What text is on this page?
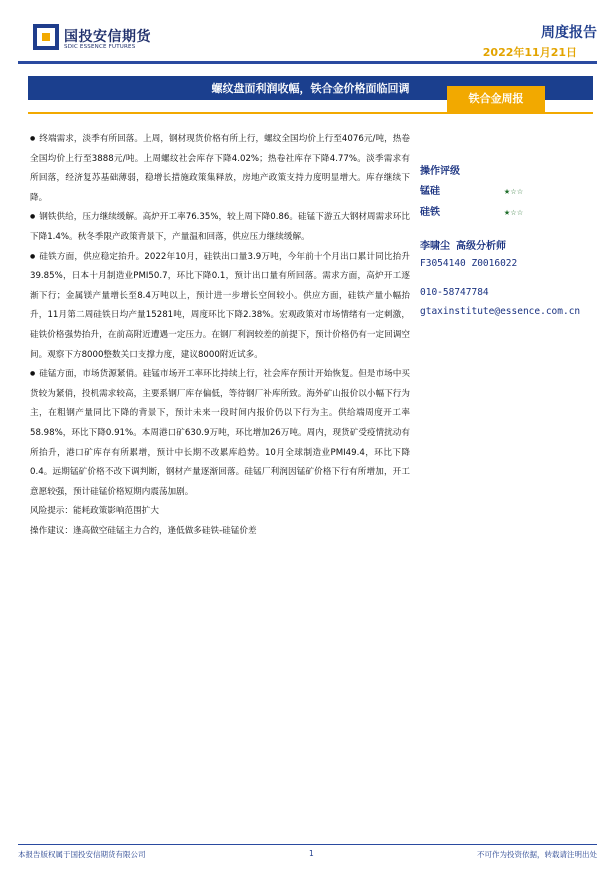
国投安信期货
SDIC ESSENCE FUTURES
周度报告
2022年11月21日
螺纹盘面利润收幅，铁合金价格面临回调
铁合金周报

● 终端需求，淡季有所回落。上周，钢材现货价格有所上行，螺纹全国均价上行至4076元/吨，热卷全国均价上行至3888元/吨。上周螺纹社会库存下降4.02%；热卷社库存下降4.77%。淡季需求有所回落，经济复苏基础薄弱，稳增长措施政策集释放，房地产政策支持力度明显增大。库存继续下降。

● 钢铁供给，压力继续缓解。高炉开工率76.35%，较上周下降0.86。硅锰下游五大钢材周需求环比下降1.4%。秋冬季限产政策背景下，产量温和回落，供应压力继续缓解。

● 硅铁方面，供应稳定抬升。2022年10月，硅铁出口量3.9万吨，今年前十个月出口累计同比抬升39.85%，日本十月制造业PMI50.7，环比下降0.1，预计出口量有所回落。需求方面，高炉开工逐渐下行；金属镁产量增长至8.4万吨以上，预计进一步增长空间较小。供应方面，硅铁产量小幅抬升，11月第二周硅铁日均产量15281吨，周度环比下降2.38%。宏观政策对市场情绪有一定刺激，硅铁价格强势抬升，在前高附近遭遇一定压力。在钢厂利润较差的前提下，预计价格仍有一定回调空间。观察下方8000整数关口支撑力度，建议8000附近试多。

● 硅锰方面，市场货源紧俏。硅锰市场开工率环比持续上行，社会库存预计开始恢复。但是市场中买货较为紧俏，投机需求较高，主要系钢厂库存偏低，等待钢厂补库所致。海外矿山报价以小幅下行为主，在粗钢产量同比下降的背景下，预计未来一段时间内报价仍以下行为主。供给端周度开工率58.98%，环比下降0.91%。本周港口矿630.9万吨，环比增加26万吨。周内，现货矿受疫情扰动有所抬升，港口矿库存有所累增，预计中长期不改累库趋势。10月全球制造业PMI49.4，环比下降0.4。远期锰矿价格不改下调判断，钢材产量逐渐回落。硅锰厂利润因锰矿价格下行有所增加，开工意愿较强，预计硅锰价格短期内震荡加剧。

风险提示：能耗政策影响范围扩大

操作建议：逢高做空硅锰主力合约，逢低做多硅铁-硅锰价差

操作评级
锰硅	★☆☆
硅铁	★☆☆
李啸尘 高级分析师
F3054140 Z0016022
010-58747784
gtaxinstitute@essence.com.cn
本报告版权属于国投安信期货有限公司	1	不可作为投资依据，转载请注明出处
